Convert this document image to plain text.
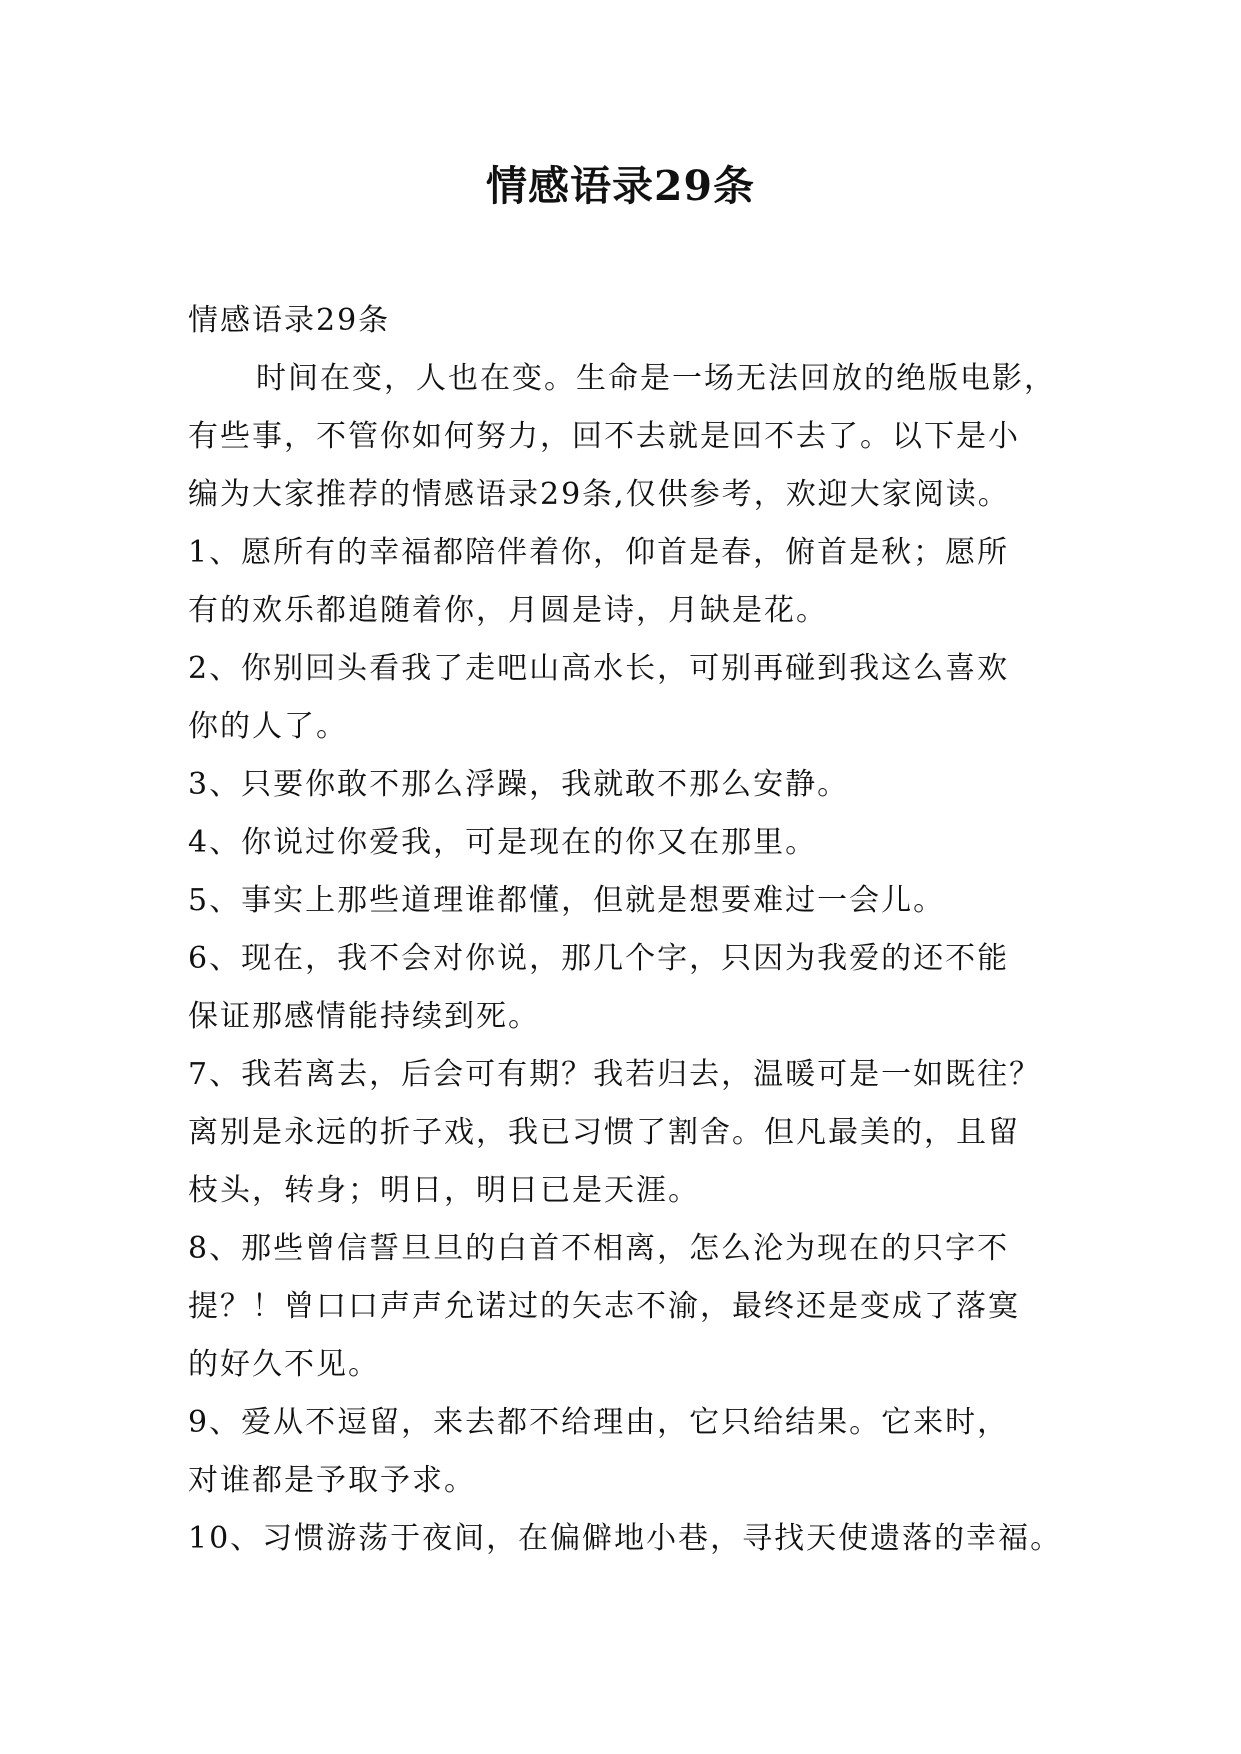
情感语录29条
情感语录29条
时间在变，人也在变。生命是一场无法回放的绝版电影，
有些事，不管你如何努力，回不去就是回不去了。以下是小
编为大家推荐的情感语录29条,仅供参考，欢迎大家阅读。
1、愿所有的幸福都陪伴着你，仰首是春，俯首是秋；愿所
有的欢乐都追随着你，月圆是诗，月缺是花。
2、你别回头看我了走吧山高水长，可别再碰到我这么喜欢
你的人了。
3、只要你敢不那么浮躁，我就敢不那么安静。
4、你说过你爱我，可是现在的你又在那里。
5、事实上那些道理谁都懂，但就是想要难过一会儿。
6、现在，我不会对你说，那几个字，只因为我爱的还不能
保证那感情能持续到死。
7、我若离去，后会可有期？我若归去，温暖可是一如既往？
离别是永远的折子戏，我已习惯了割舍。但凡最美的，且留
枝头，转身；明日，明日已是天涯。
8、那些曾信誓旦旦的白首不相离，怎么沦为现在的只字不
提？！曾口口声声允诺过的矢志不渝，最终还是变成了落寞
的好久不见。
9、爱从不逗留，来去都不给理由，它只给结果。它来时，
对谁都是予取予求。
10、习惯游荡于夜间，在偏僻地小巷，寻找天使遗落的幸福。
